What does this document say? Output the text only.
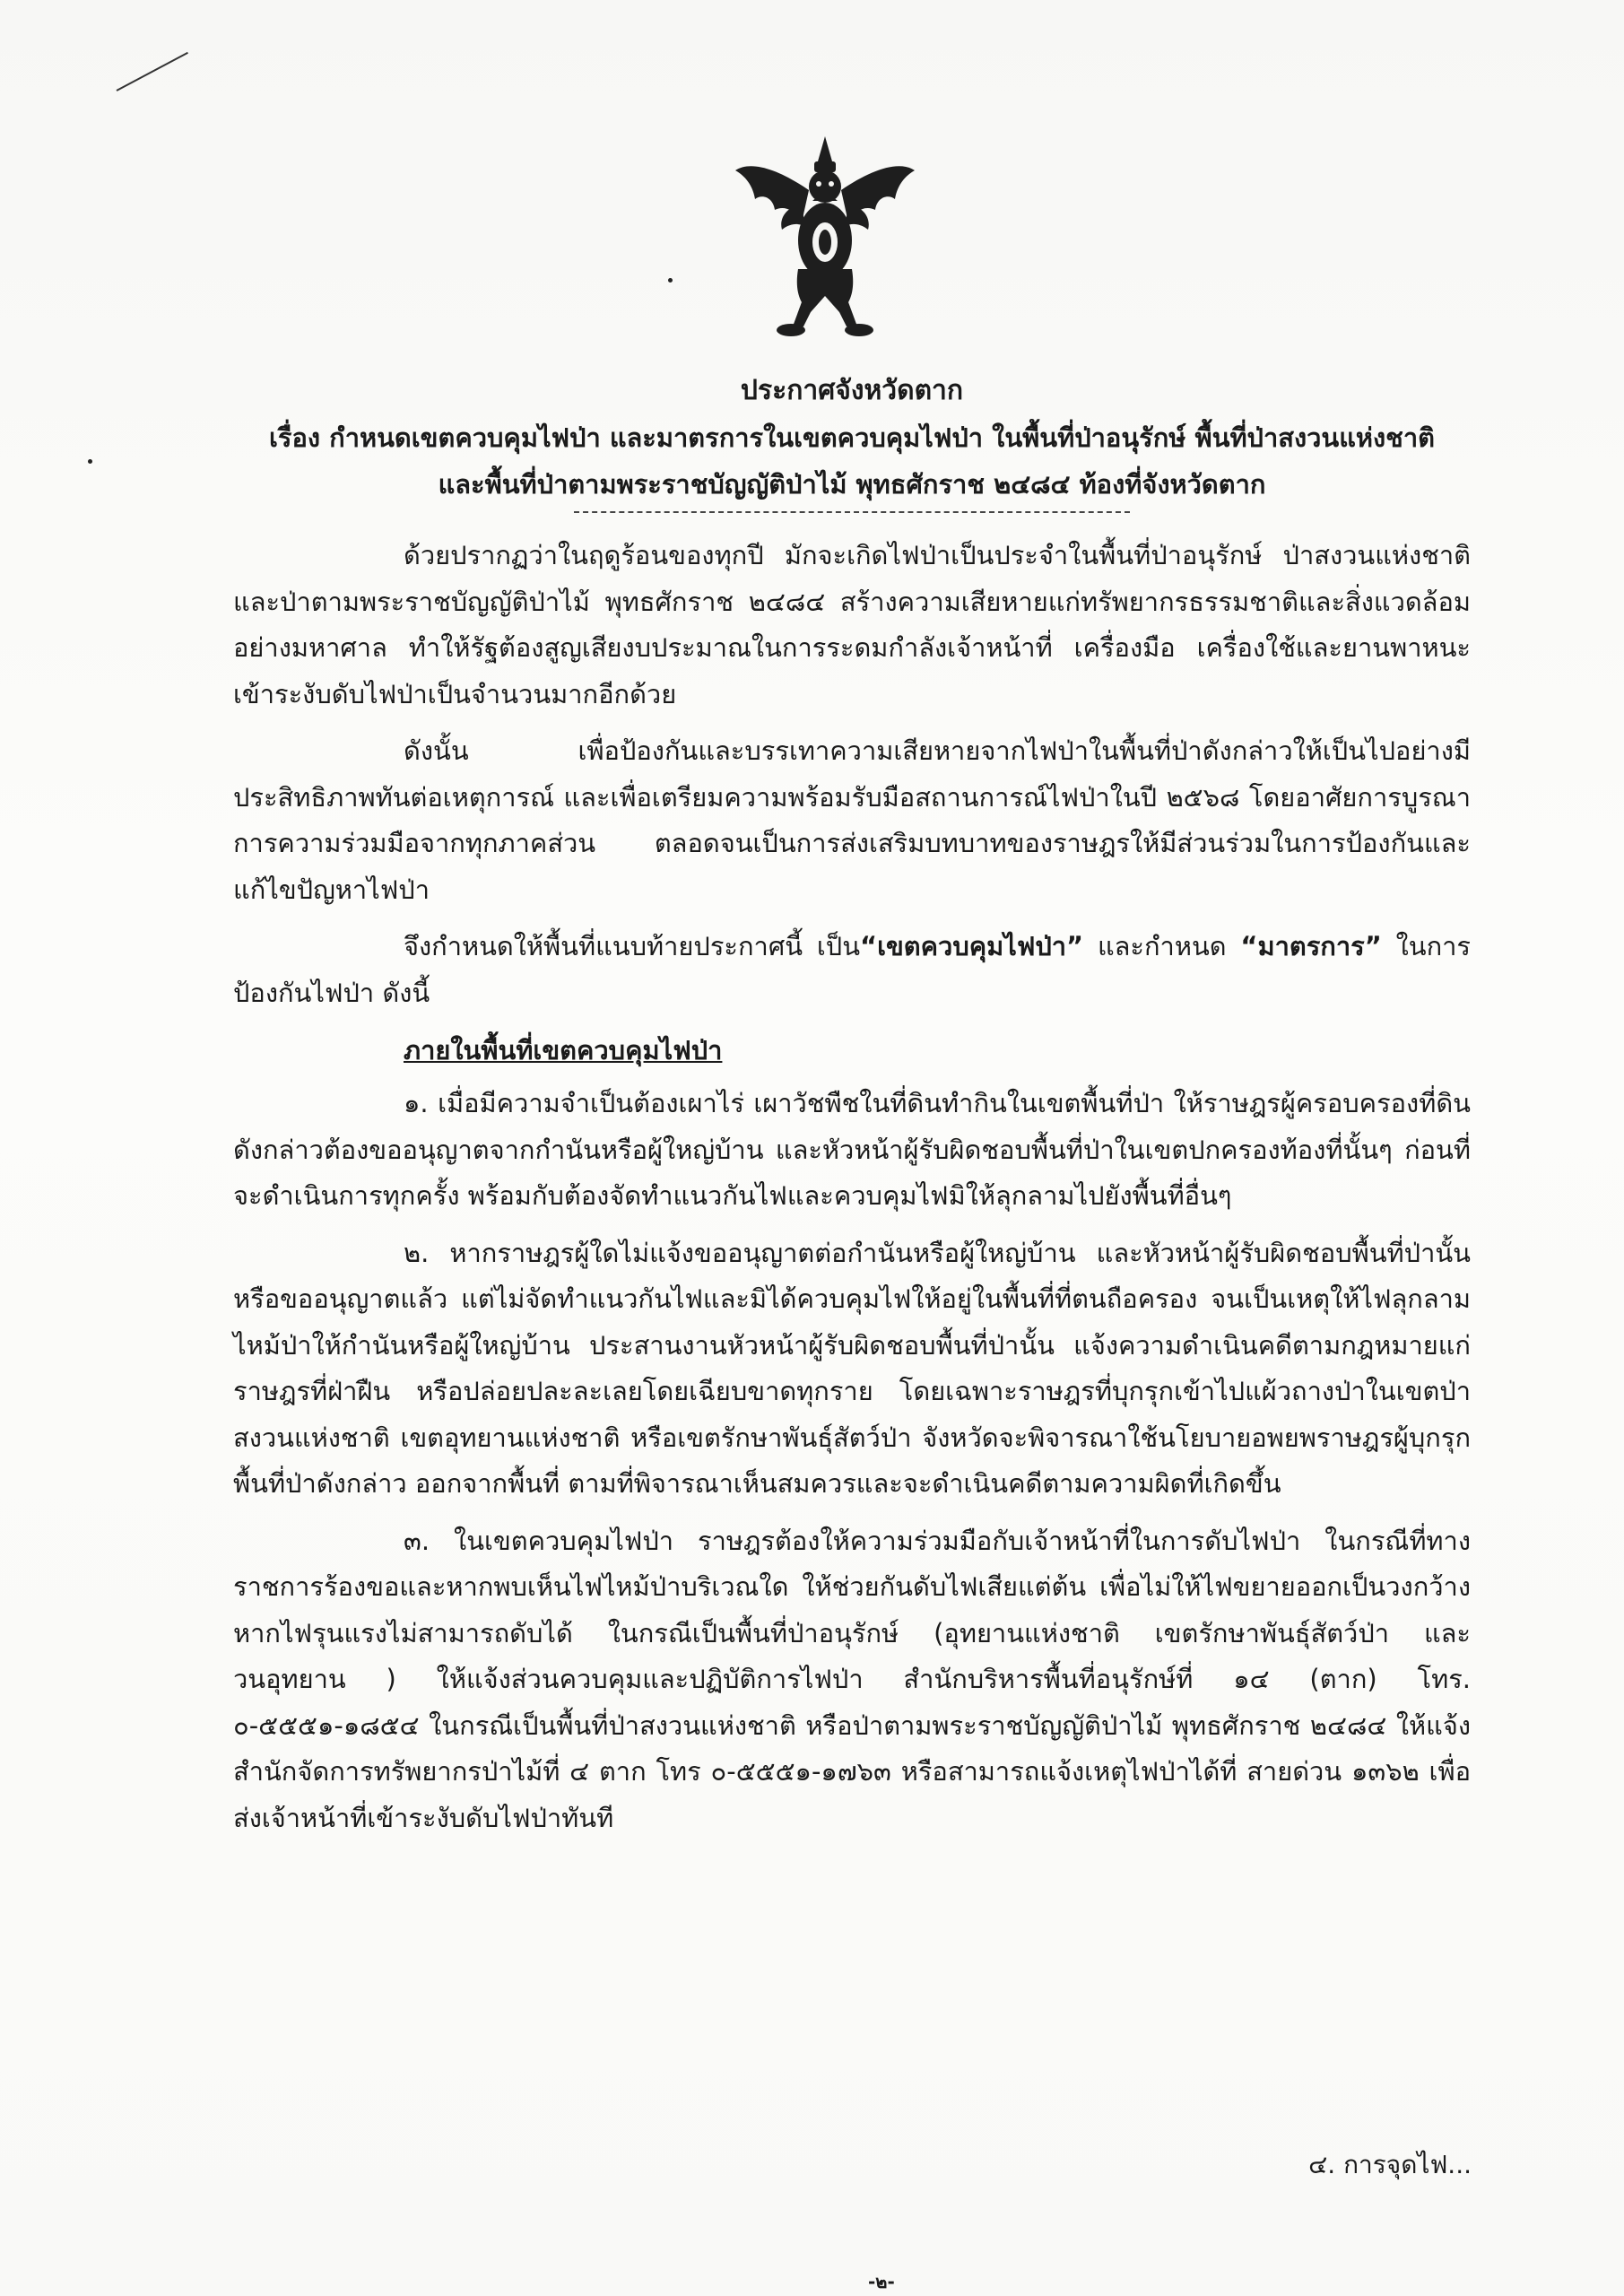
ประกาศจังหวัดตาก
เรื่อง กำหนดเขตควบคุมไฟป่า และมาตรการในเขตควบคุมไฟป่า ในพื้นที่ป่าอนุรักษ์ พื้นที่ป่าสงวนแห่งชาติ
และพื้นที่ป่าตามพระราชบัญญัติป่าไม้ พุทธศักราช ๒๔๘๔ ท้องที่จังหวัดตาก

ด้วยปรากฏว่าในฤดูร้อนของทุกปี มักจะเกิดไฟป่าเป็นประจำในพื้นที่ป่าอนุรักษ์ ป่าสงวนแห่งชาติ และป่าตามพระราชบัญญัติป่าไม้ พุทธศักราช ๒๔๘๔ สร้างความเสียหายแก่ทรัพยากรธรรมชาติและสิ่งแวดล้อมอย่างมหาศาล ทำให้รัฐต้องสูญเสียงบประมาณในการระดมกำลังเจ้าหน้าที่ เครื่องมือ เครื่องใช้และยานพาหนะ เข้าระงับดับไฟป่าเป็นจำนวนมากอีกด้วย

ดังนั้น เพื่อป้องกันและบรรเทาความเสียหายจากไฟป่าในพื้นที่ป่าดังกล่าวให้เป็นไปอย่างมีประสิทธิภาพทันต่อเหตุการณ์ และเพื่อเตรียมความพร้อมรับมือสถานการณ์ไฟป่าในปี ๒๕๖๘ โดยอาศัยการบูรณาการความร่วมมือจากทุกภาคส่วน ตลอดจนเป็นการส่งเสริมบทบาทของราษฎรให้มีส่วนร่วมในการป้องกันและแก้ไขปัญหาไฟป่า

จึงกำหนดให้พื้นที่แนบท้ายประกาศนี้ เป็น“เขตควบคุมไฟป่า” และกำหนด “มาตรการ” ในการป้องกันไฟป่า ดังนี้

ภายในพื้นที่เขตควบคุมไฟป่า

๑. เมื่อมีความจำเป็นต้องเผาไร่ เผาวัชพืชในที่ดินทำกินในเขตพื้นที่ป่า ให้ราษฎรผู้ครอบครองที่ดินดังกล่าวต้องขออนุญาตจากกำนันหรือผู้ใหญ่บ้าน และหัวหน้าผู้รับผิดชอบพื้นที่ป่าในเขตปกครองท้องที่นั้นๆ ก่อนที่จะดำเนินการทุกครั้ง พร้อมกับต้องจัดทำแนวกันไฟและควบคุมไฟมิให้ลุกลามไปยังพื้นที่อื่นๆ

๒. หากราษฎรผู้ใดไม่แจ้งขออนุญาตต่อกำนันหรือผู้ใหญ่บ้าน และหัวหน้าผู้รับผิดชอบพื้นที่ป่านั้นหรือขออนุญาตแล้ว แต่ไม่จัดทำแนวกันไฟและมิได้ควบคุมไฟให้อยู่ในพื้นที่ที่ตนถือครอง จนเป็นเหตุให้ไฟลุกลามไหม้ป่าให้กำนันหรือผู้ใหญ่บ้าน ประสานงานหัวหน้าผู้รับผิดชอบพื้นที่ป่านั้น แจ้งความดำเนินคดีตามกฎหมายแก่ราษฎรที่ฝ่าฝืน หรือปล่อยปละละเลยโดยเฉียบขาดทุกราย โดยเฉพาะราษฎรที่บุกรุกเข้าไปแผ้วถางป่าในเขตป่าสงวนแห่งชาติ เขตอุทยานแห่งชาติ หรือเขตรักษาพันธุ์สัตว์ป่า จังหวัดจะพิจารณาใช้นโยบายอพยพราษฎรผู้บุกรุกพื้นที่ป่าดังกล่าว ออกจากพื้นที่ ตามที่พิจารณาเห็นสมควรและจะดำเนินคดีตามความผิดที่เกิดขึ้น

๓. ในเขตควบคุมไฟป่า ราษฎรต้องให้ความร่วมมือกับเจ้าหน้าที่ในการดับไฟป่า ในกรณีที่ทางราชการร้องขอและหากพบเห็นไฟไหม้ป่าบริเวณใด ให้ช่วยกันดับไฟเสียแต่ต้น เพื่อไม่ให้ไฟขยายออกเป็นวงกว้าง หากไฟรุนแรงไม่สามารถดับได้ ในกรณีเป็นพื้นที่ป่าอนุรักษ์ (อุทยานแห่งชาติ เขตรักษาพันธุ์สัตว์ป่า และ วนอุทยาน ) ให้แจ้งส่วนควบคุมและปฏิบัติการไฟป่า สำนักบริหารพื้นที่อนุรักษ์ที่ ๑๔ (ตาก) โทร. ๐-๕๕๕๑-๑๘๕๔ ในกรณีเป็นพื้นที่ป่าสงวนแห่งชาติ หรือป่าตามพระราชบัญญัติป่าไม้ พุทธศักราช ๒๔๘๔ ให้แจ้งสำนักจัดการทรัพยากรป่าไม้ที่ ๔ ตาก โทร ๐-๕๕๕๑-๑๗๖๓ หรือสามารถแจ้งเหตุไฟป่าได้ที่ สายด่วน ๑๓๖๒ เพื่อส่งเจ้าหน้าที่เข้าระงับดับไฟป่าทันที

๔. การจุดไฟ...
-๒-
